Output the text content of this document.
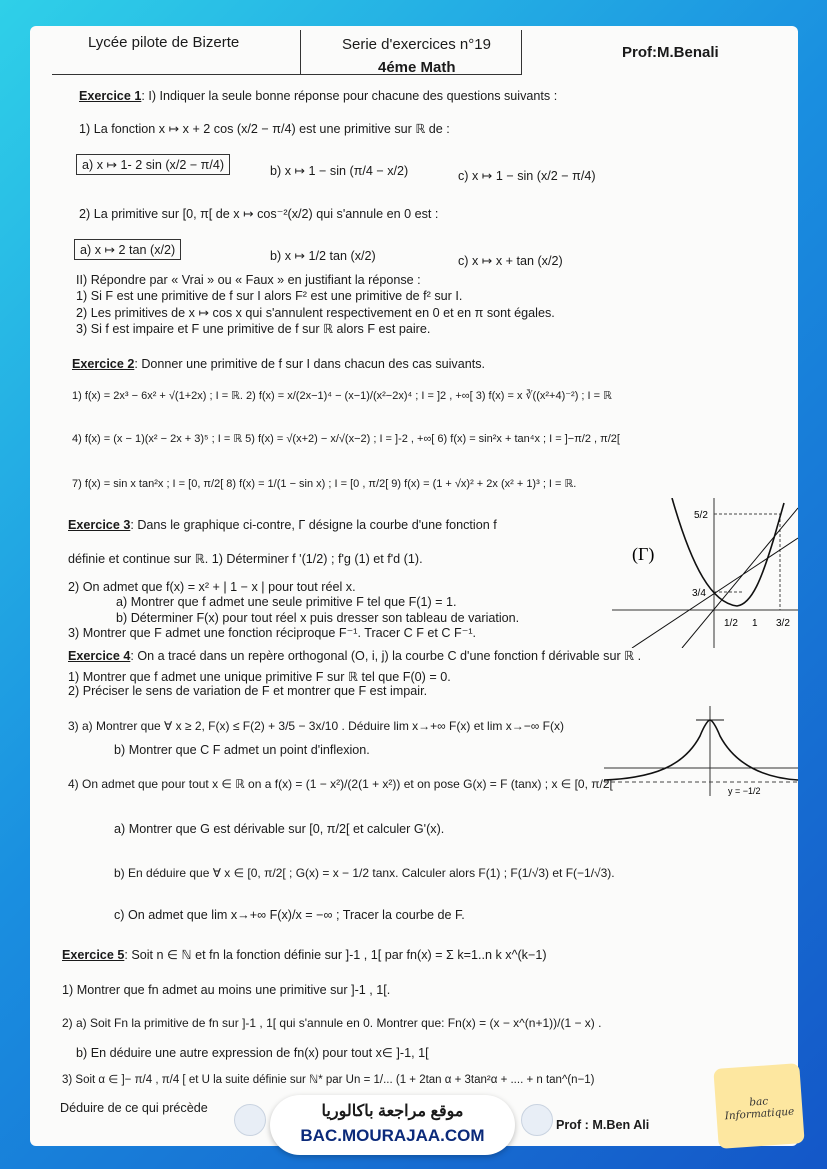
Lycée pilote de Bizerte	Serie d'exercices n°19
4éme Math
Prof:M.Benali
Exercice 1: I) Indiquer la seule bonne réponse pour chacune des questions suivants :
1) La fonction x ↦ x + 2 cos (x/2 − π/4) est une primitive sur ℝ de :
a) x ↦ 1- 2 sin (x/2 − π/4)	b) x ↦ 1 − sin (π/4 − x/2)	c) x ↦ 1 − sin (x/2 − π/4)
2) La primitive sur [0, π[ de x ↦ cos⁻²(x/2) qui s'annule en 0 est :
a) x ↦ 2 tan (x/2)	b) x ↦ 1/2 tan (x/2)	c) x ↦ x + tan (x/2)
II) Répondre par « Vrai » ou « Faux » en justifiant la réponse :
1) Si F est une primitive de f sur I alors F² est une primitive de f² sur I.
2) Les primitives de x ↦ cos x qui s'annulent respectivement en 0 et en π sont égales.
3) Si f est impaire et F une primitive de f sur ℝ alors F est paire.
Exercice 2: Donner une primitive de f sur I dans chacun des cas suivants.
1) f(x) = 2x³ − 6x² + √(1+2x) ; I = ℝ. 2) f(x) = x/(2x−1)⁴ − (x−1)/(x²−2x)⁴ ; I = ]2 , +∞[ 3) f(x) = x ∛((x²+4)⁻²) ; I = ℝ
4) f(x) = (x − 1)(x² − 2x + 3)⁵ ; I = ℝ 5) f(x) = √(x+2) − x/√(x−2) ; I = ]-2 , +∞[ 6) f(x) = sin²x + tan⁴x ; I = ]−π/2 , π/2[
7) f(x) = sin x tan²x ; I = [0, π/2[ 8) f(x) = 1/(1 − sin x) ; I = [0 , π/2[ 9) f(x) = (1 + √x)² + 2x (x² + 1)³ ; I = ℝ.
Exercice 3: Dans le graphique ci-contre, Γ désigne la courbe d'une fonction f
définie et continue sur ℝ. 1) Déterminer f '(1/2) ; f'g (1) et f'd (1).
2) On admet que f(x) = x² + | 1 − x | pour tout réel x.
a) Montrer que f admet une seule primitive F tel que F(1) = 1.
b) Déterminer F(x) pour tout réel x puis dresser son tableau de variation.
3) Montrer que F admet une fonction réciproque F⁻¹. Tracer C F et C F⁻¹.
(Γ)
1/2 1 3/2
3/4
5/2
Exercice 4: On a tracé dans un repère orthogonal (O, i, j) la courbe C d'une fonction f dérivable sur ℝ .
1) Montrer que f admet une unique primitive F sur ℝ tel que F(0) = 0.
2) Préciser le sens de variation de F et montrer que F est impair.
3) a) Montrer que ∀ x ≥ 2, F(x) ≤ F(2) + 3/5 − 3x/10 . Déduire lim x→+∞ F(x) et lim x→−∞ F(x)
b) Montrer que C F admet un point d'inflexion.
4) On admet que pour tout x ∈ ℝ on a f(x) = (1 − x²)/(2(1 + x²)) et on pose G(x) = F (tanx) ; x ∈ [0, π/2[
a) Montrer que G est dérivable sur [0, π/2[ et calculer G'(x).
b) En déduire que ∀ x ∈ [0, π/2[ ; G(x) = x − 1/2 tanx. Calculer alors F(1) ; F(1/√3) et F(−1/√3).
c) On admet que lim x→+∞ F(x)/x = −∞ ; Tracer la courbe de F.
y = −1/2
Exercice 5: Soit n ∈ ℕ et fn la fonction définie sur ]-1 , 1[ par fn(x) = Σ k=1..n k x^(k−1)
1) Montrer que fn admet au moins une primitive sur ]-1 , 1[.
2) a) Soit Fn la primitive de fn sur ]-1 , 1[ qui s'annule en 0. Montrer que: Fn(x) = (x − x^(n+1))/(1 − x) .
b) En déduire une autre expression de fn(x) pour tout x∈ ]-1, 1[
3) Soit α ∈ ]− π/4 , π/4 [ et U la suite définie sur ℕ* par Un = 1/... (1 + 2tan α + 3tan²α + .... + n tan^(n−1)
Déduire de ce qui précède
Prof : M.Ben Ali
موقع مراجعة باكالوريا
BAC.MOURAJAA.COM
bac Informatique
